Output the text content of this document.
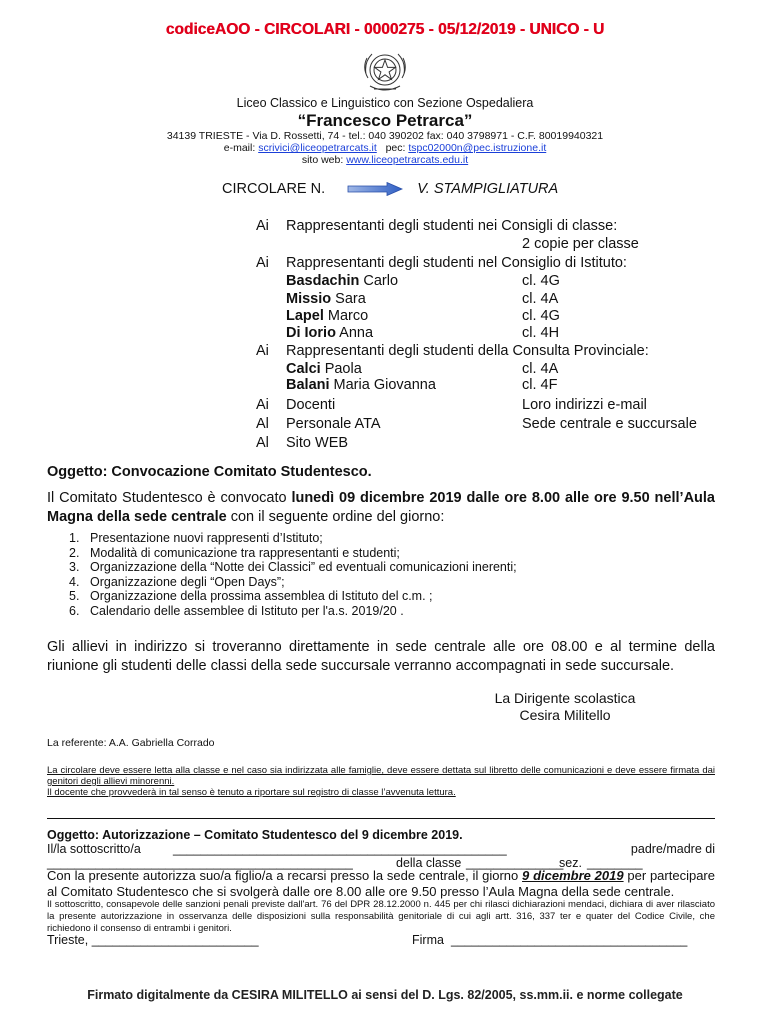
codiceAOO - CIRCOLARI - 0000275 - 05/12/2019 - UNICO - U
Liceo Classico e Linguistico con Sezione Ospedaliera
“Francesco Petrarca”
34139 TRIESTE - Via D. Rossetti, 74 - tel.: 040 390202 fax: 040 3798971 - C.F. 80019940321
e-mail: scrivici@liceopetrarcats.it pec: tspc02000n@pec.istruzione.it
sito web: www.liceopetrarcats.edu.it
CIRCOLARE N.	V. STAMPIGLIATURA
Ai Rappresentanti degli studenti nei Consigli di classe:
2 copie per classe
Ai Rappresentanti degli studenti nel Consiglio di Istituto:
Basdachin Carlo	cl. 4G
Missio Sara	cl. 4A
Lapel Marco	cl. 4G
Di Iorio Anna	cl. 4H
Ai Rappresentanti degli studenti della Consulta Provinciale:
Calci Paola	cl. 4A
Balani Maria Giovanna	cl. 4F
Ai Docenti	Loro indirizzi e-mail
Al Personale ATA	Sede centrale e succursale
Al Sito WEB
Oggetto: Convocazione Comitato Studentesco.
Il Comitato Studentesco è convocato lunedì 09 dicembre 2019 dalle ore 8.00 alle ore 9.50 nell’Aula Magna della sede centrale con il seguente ordine del giorno:
1. Presentazione nuovi rappresenti d’Istituto;
2. Modalità di comunicazione tra rappresentanti e studenti;
3. Organizzazione della “Notte dei Classici” ed eventuali comunicazioni inerenti;
4. Organizzazione degli “Open Days”;
5. Organizzazione della prossima assemblea di Istituto del c.m. ;
6. Calendario delle assemblee di Istituto per l'a.s. 2019/20 .
Gli allievi in indirizzo si troveranno direttamente in sede centrale alle ore 08.00 e al termine della riunione gli studenti delle classi della sede succursale verranno accompagnati in sede succursale.
La Dirigente scolastica
Cesira Militello
La referente: A.A. Gabriella Corrado
La circolare deve essere letta alla classe e nel caso sia indirizzata alle famiglie, deve essere dettata sul libretto delle comunicazioni e deve essere firmata dai genitori degli allievi minorenni.
Il docente che provvederà in tal senso è tenuto a riportare sul registro di classe l’avvenuta lettura.
Oggetto: Autorizzazione – Comitato Studentesco del 9 dicembre 2019.
Il/la sottoscritto/a	________________________________________________	padre/madre di
____________________________________________	della classe ______________
sez. ________
Con la presente autorizza suo/a figlio/a a recarsi presso la sede centrale, il giorno 9 dicembre 2019 per partecipare al Comitato Studentesco che si svolgerà dalle ore 8.00 alle ore 9.50 presso l’Aula Magna della sede centrale.
Il sottoscritto, consapevole delle sanzioni penali previste dall'art. 76 del DPR 28.12.2000 n. 445 per chi rilasci dichiarazioni mendaci, dichiara di aver rilasciato la presente autorizzazione in osservanza delle disposizioni sulla responsabilità genitoriale di cui agli artt. 316, 337 ter e quater del Codice Civile, che richiedono il consenso di entrambi i genitori.
Trieste, ________________________	Firma __________________________________
Firmato digitalmente da CESIRA MILITELLO ai sensi del D. Lgs. 82/2005, ss.mm.ii. e norme collegate
